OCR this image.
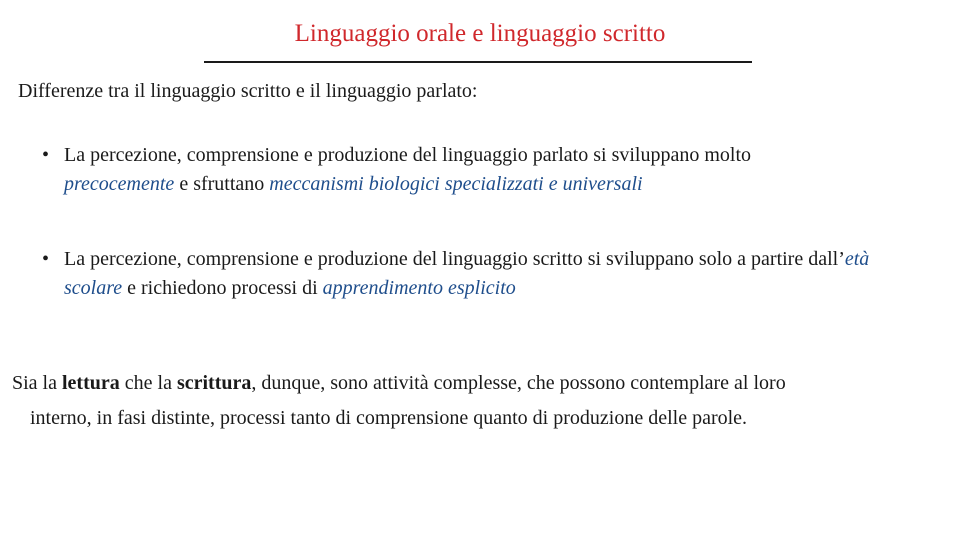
Linguaggio orale e linguaggio scritto
Differenze tra il linguaggio scritto e il linguaggio parlato:
• La percezione, comprensione e produzione del linguaggio parlato si sviluppano molto
precocemente e sfruttano meccanismi biologici specializzati e universali
• La percezione, comprensione e produzione del linguaggio scritto si sviluppano solo a partire dall’età scolare e richiedono processi di apprendimento esplicito
Sia la lettura che la scrittura, dunque, sono attività complesse, che possono contemplare al loro
interno, in fasi distinte, processi tanto di comprensione quanto di produzione delle parole.
